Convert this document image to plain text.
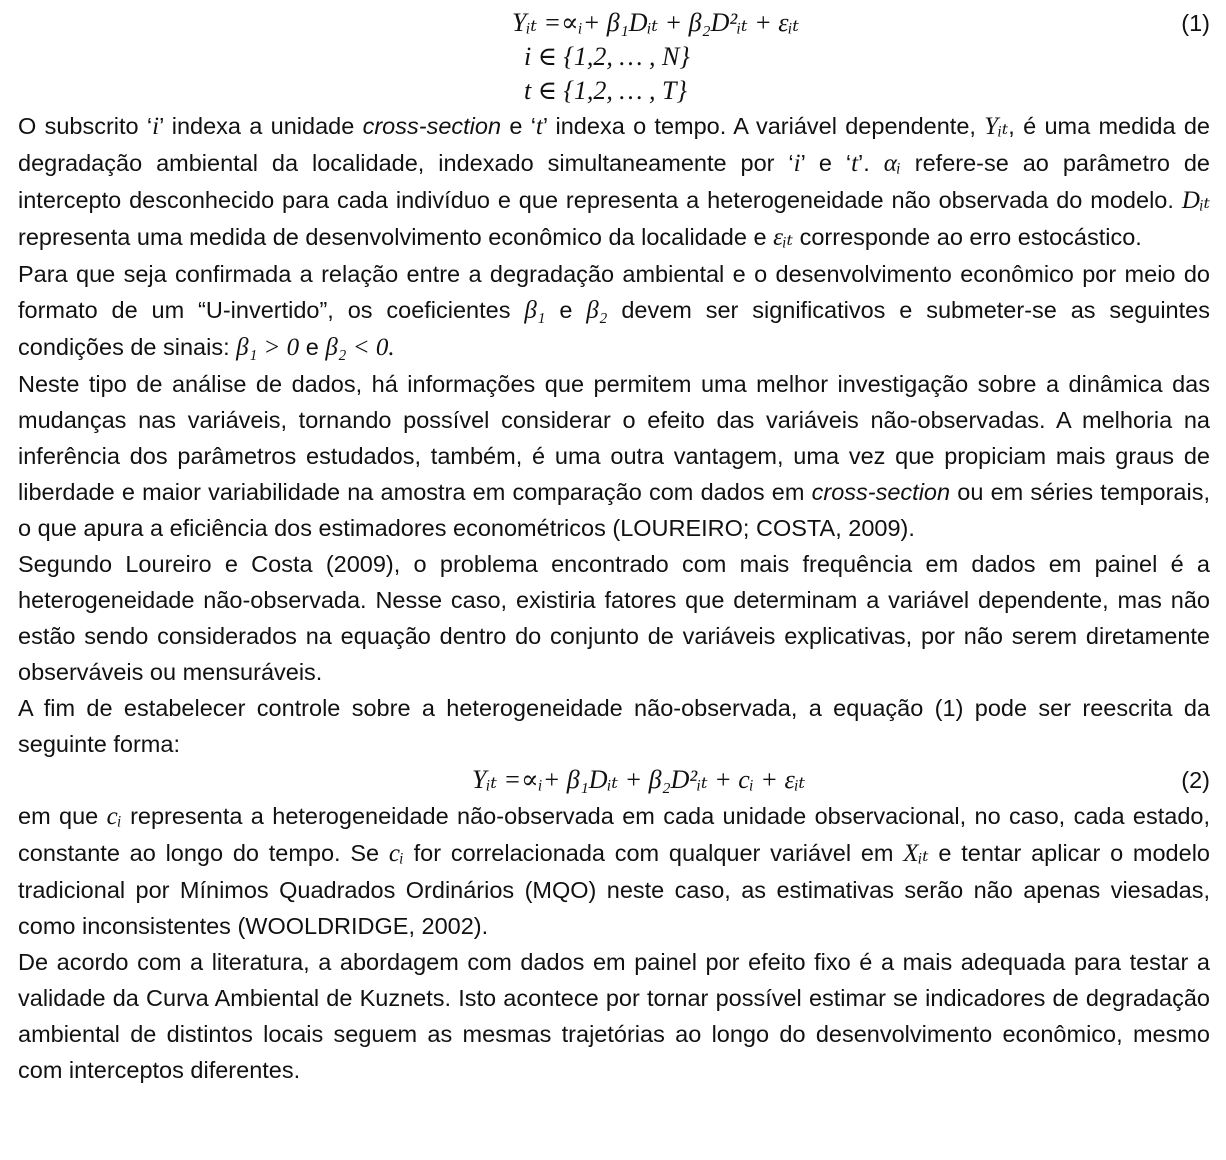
Yᵢₜ =∝ᵢ+ β₁Dᵢₜ + β₂D²ᵢₜ + εᵢₜ	(1)
i ∈ {1,2, … , N}
t ∈ {1,2, … , T}

O subscrito ‘i’ indexa a unidade cross-section e ‘t’ indexa o tempo. A variável dependente, Yᵢₜ, é uma medida de degradação ambiental da localidade, indexado simultaneamente por ‘i’ e ‘t’. αᵢ refere-se ao parâmetro de intercepto desconhecido para cada indivíduo e que representa a heterogeneidade não observada do modelo. Dᵢₜ representa uma medida de desenvolvimento econômico da localidade e εᵢₜ corresponde ao erro estocástico.

Para que seja confirmada a relação entre a degradação ambiental e o desenvolvimento econômico por meio do formato de um “U-invertido”, os coeficientes β₁ e β₂ devem ser significativos e submeter-se as seguintes condições de sinais: β₁ > 0 e β₂ < 0.

Neste tipo de análise de dados, há informações que permitem uma melhor investigação sobre a dinâmica das mudanças nas variáveis, tornando possível considerar o efeito das variáveis não-observadas. A melhoria na inferência dos parâmetros estudados, também, é uma outra vantagem, uma vez que propiciam mais graus de liberdade e maior variabilidade na amostra em comparação com dados em cross-section ou em séries temporais, o que apura a eficiência dos estimadores econométricos (LOUREIRO; COSTA, 2009).

Segundo Loureiro e Costa (2009), o problema encontrado com mais frequência em dados em painel é a heterogeneidade não-observada. Nesse caso, existiria fatores que determinam a variável dependente, mas não estão sendo considerados na equação dentro do conjunto de variáveis explicativas, por não serem diretamente observáveis ou mensuráveis.

A fim de estabelecer controle sobre a heterogeneidade não-observada, a equação (1) pode ser reescrita da seguinte forma:

Yᵢₜ =∝ᵢ+ β₁Dᵢₜ + β₂D²ᵢₜ + cᵢ + εᵢₜ	(2)

em que cᵢ representa a heterogeneidade não-observada em cada unidade observacional, no caso, cada estado, constante ao longo do tempo. Se cᵢ for correlacionada com qualquer variável em Xᵢₜ e tentar aplicar o modelo tradicional por Mínimos Quadrados Ordinários (MQO) neste caso, as estimativas serão não apenas viesadas, como inconsistentes (WOOLDRIDGE, 2002).

De acordo com a literatura, a abordagem com dados em painel por efeito fixo é a mais adequada para testar a validade da Curva Ambiental de Kuznets. Isto acontece por tornar possível estimar se indicadores de degradação ambiental de distintos locais seguem as mesmas trajetórias ao longo do desenvolvimento econômico, mesmo com interceptos diferentes.
